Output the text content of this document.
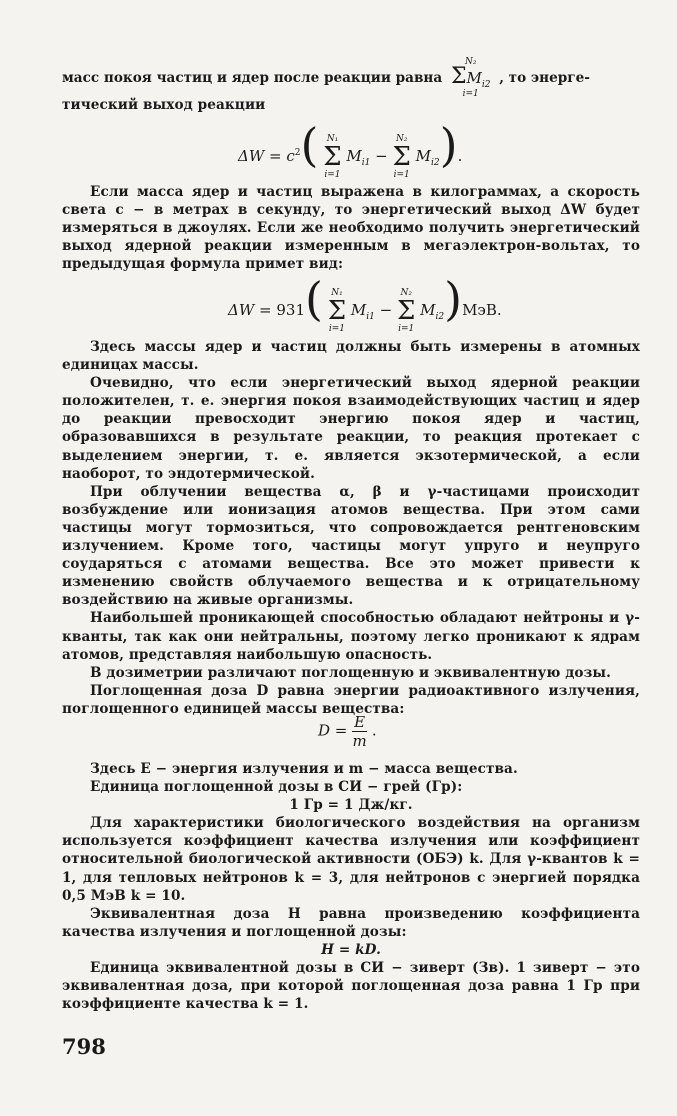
масс покоя частиц и ядер после реакции равна
N₂
$\Sigma M_{i2}$
i=1
, то энерге-

тический выход реакции

$\Delta W = c^2$( N₁
Σ
i=1
$M_{i1}$ −
N₂
Σ
i=1
$M_{i2}$).

Если масса ядер и частиц выражена в килограммах, а скорость света c − в метрах в секунду, то энергетический выход ΔW будет измеряться в джоулях. Если же необходимо получить энергетический выход ядерной реакции измеренным в мегаэлектрон-вольтах, то предыдущая формула примет вид:

ΔW = 931( N₁
Σ
i=1
$M_{i1}$ −
N₂
Σ
i=1
$M_{i2})МэВ$.

Здесь массы ядер и частиц должны быть измерены в атомных единицах массы.

Очевидно, что если энергетический выход ядерной реакции положителен, т. е. энергия покоя взаимодействующих частиц и ядер до реакции превосходит энергию покоя ядер и частиц, образовавшихся в результате реакции, то реакция протекает с выделением энергии, т. е. является экзотермической, а если наоборот, то эндотермической.

При облучении вещества α, β и γ-частицами происходит возбуждение или ионизация атомов вещества. При этом сами частицы могут тормозиться, что сопровождается рентгеновским излучением. Кроме того, частицы могут упруго и неупруго соударяться с атомами вещества. Все это может привести к изменению свойств облучаемого вещества и к отрицательному воздействию на живые организмы.

Наибольшей проникающей способностью обладают нейтроны и γ-кванты, так как они нейтральны, поэтому легко проникают к ядрам атомов, представляя наибольшую опасность.

В дозиметрии различают поглощенную и эквивалентную дозы.

Поглощенная доза D равна энергии радиоактивного излучения, поглощенного единицей массы вещества:

$D = \frac{E}{m}$ .

Здесь E − энергия излучения и m − масса вещества.

Единица поглощенной дозы в СИ − грей (Гр):

1 Гр = 1 Дж/кг.

Для характеристики биологического воздействия на организм используется коэффициент качества излучения или коэффициент относительной биологической активности (ОБЭ) k. Для γ-квантов k = 1, для тепловых нейтронов k = 3, для нейтронов с энергией порядка 0,5 МэВ k = 10.

Эквивалентная доза H равна произведению коэффициента качества излучения и поглощенной дозы:

H = kD.

Единица эквивалентной дозы в СИ − зиверт (Зв). 1 зиверт − это эквивалентная доза, при которой поглощенная доза равна 1 Гр при коэффициенте качества k = 1.

798
